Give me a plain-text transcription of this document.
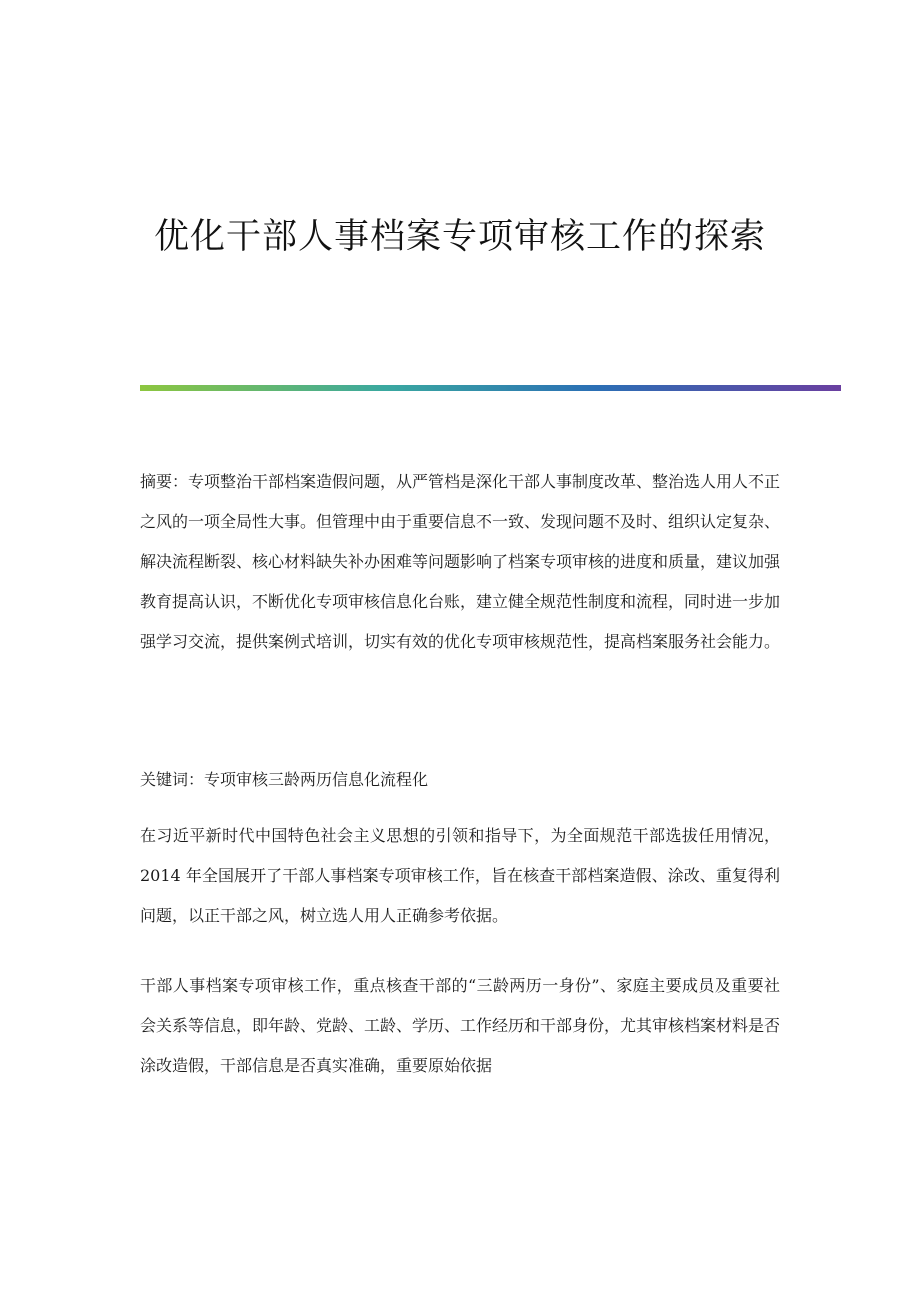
优化干部人事档案专项审核工作的探索

摘要：专项整治干部档案造假问题，从严管档是深化干部人事制度改革、整治选人用人不正之风的一项全局性大事。但管理中由于重要信息不一致、发现问题不及时、组织认定复杂、解决流程断裂、核心材料缺失补办困难等问题影响了档案专项审核的进度和质量，建议加强教育提高认识，不断优化专项审核信息化台账，建立健全规范性制度和流程，同时进一步加强学习交流，提供案例式培训，切实有效的优化专项审核规范性，提高档案服务社会能力。

关键词：专项审核三龄两历信息化流程化

在习近平新时代中国特色社会主义思想的引领和指导下，为全面规范干部选拔任用情况，2014 年全国展开了干部人事档案专项审核工作，旨在核查干部档案造假、涂改、重复得利问题，以正干部之风，树立选人用人正确参考依据。

干部人事档案专项审核工作，重点核查干部的“三龄两历一身份”、家庭主要成员及重要社会关系等信息，即年龄、党龄、工龄、学历、工作经历和干部身份，尤其审核档案材料是否涂改造假，干部信息是否真实准确，重要原始依据
